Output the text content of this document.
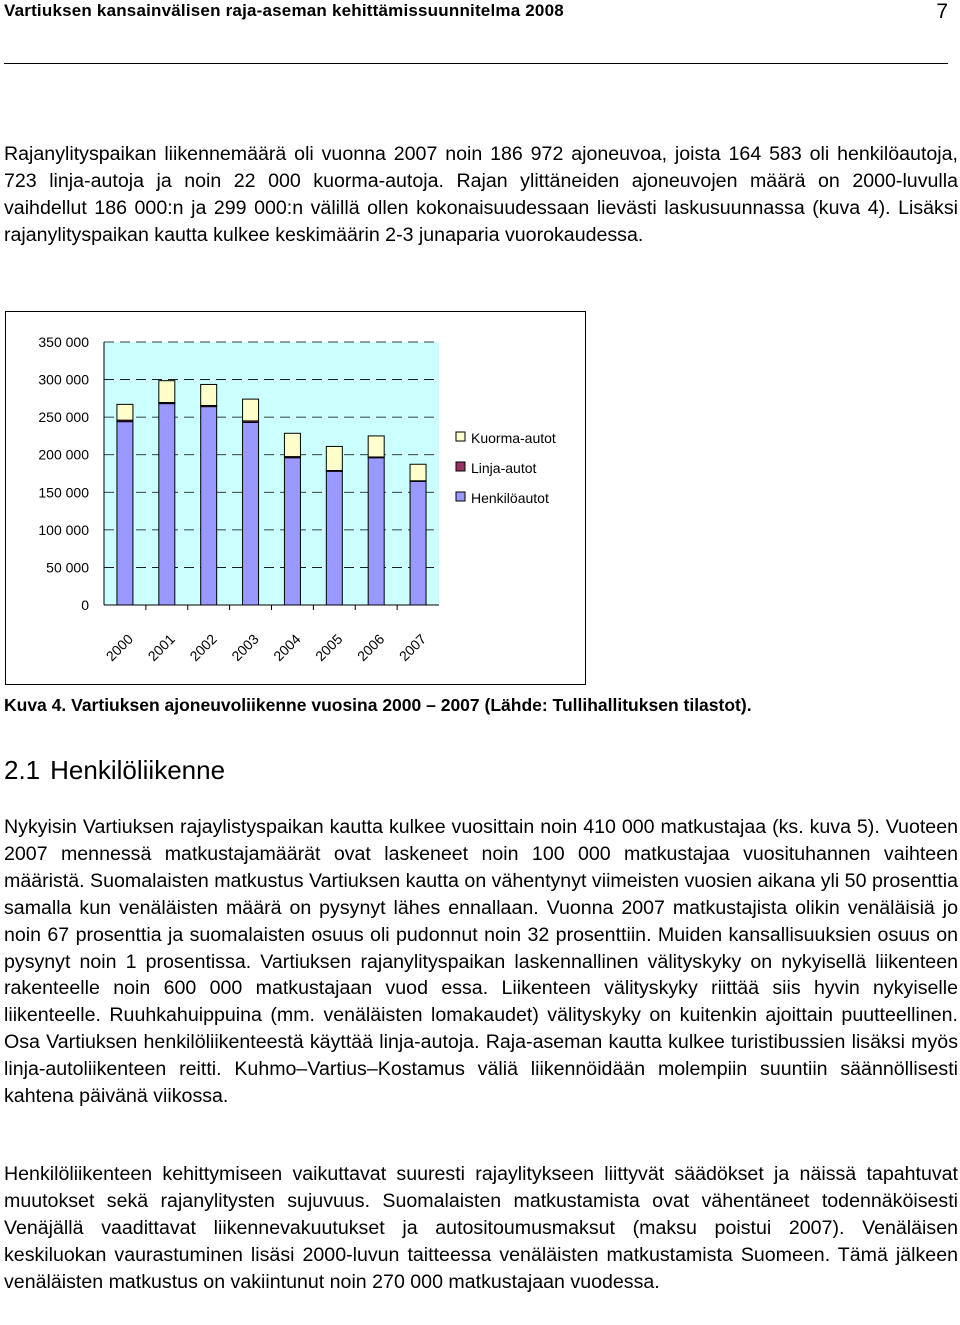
Vartiuksen kansainvälisen raja-aseman kehittämissuunnitelma 2008	7

Rajanylityspaikan liikennemäärä oli vuonna 2007 noin 186 972 ajoneuvoa, joista 164 583 oli henkilöautoja, 723 linja-autoja ja noin 22 000 kuorma-autoja. Rajan ylittäneiden ajoneuvojen määrä on 2000-luvulla vaihdellut 186 000:n ja 299 000:n välillä ollen kokonaisuudessaan lievästi laskusuunnassa (kuva 4). Lisäksi rajanylityspaikan kautta kulkee keskimäärin 2-3 junaparia vuorokaudessa.

0
50 000
100 000
150 000
200 000
250 000
300 000
350 000
2000 2001 2002 2003 2004 2005 2006 2007
Kuorma-autot
Linja-autot
Henkilöautot

Kuva 4. Vartiuksen ajoneuvoliikenne vuosina 2000 – 2007 (Lähde: Tullihallituksen tilastot).

2.1 Henkilöliikenne

Nykyisin Vartiuksen rajaylistyspaikan kautta kulkee vuosittain noin 410 000 matkustajaa (ks. kuva 5). Vuoteen 2007 mennessä matkustajamäärät ovat laskeneet noin 100 000 matkustajaa vuosituhannen vaihteen määristä. Suomalaisten matkustus Vartiuksen kautta on vähentynyt viimeisten vuosien aikana yli 50 prosenttia samalla kun venäläisten määrä on pysynyt lähes ennallaan. Vuonna 2007 matkustajista olikin venäläisiä jo noin 67 prosenttia ja suomalaisten osuus oli pudonnut noin 32 prosenttiin. Muiden kansallisuuksien osuus on pysynyt noin 1 prosentissa. Vartiuksen rajanylityspaikan laskennallinen välityskyky on nykyisellä liikenteen rakenteelle noin 600 000 matkustajaan vuod essa. Liikenteen välityskyky riittää siis hyvin nykyiselle liikenteelle. Ruuhkahuippuina (mm. venäläisten lomakaudet) välityskyky on kuitenkin ajoittain puutteellinen. Osa Vartiuksen henkilöliikenteestä käyttää linja-autoja. Raja-aseman kautta kulkee turistibussien lisäksi myös linja-autoliikenteen reitti. Kuhmo–Vartius–Kostamus väliä liikennöidään molempiin suuntiin säännöllisesti kahtena päivänä viikossa.

Henkilöliikenteen kehittymiseen vaikuttavat suuresti rajaylitykseen liittyvät säädökset ja näissä tapahtuvat muutokset sekä rajanylitysten sujuvuus. Suomalaisten matkustamista ovat vähentäneet todennäköisesti Venäjällä vaadittavat liikennevakuutukset ja autositoumusmaksut (maksu poistui 2007). Venäläisen keskiluokan vaurastuminen lisäsi 2000-luvun taitteessa venäläisten matkustamista Suomeen. Tämä jälkeen venäläisten matkustus on vakiintunut noin 270 000 matkustajaan vuodessa.
